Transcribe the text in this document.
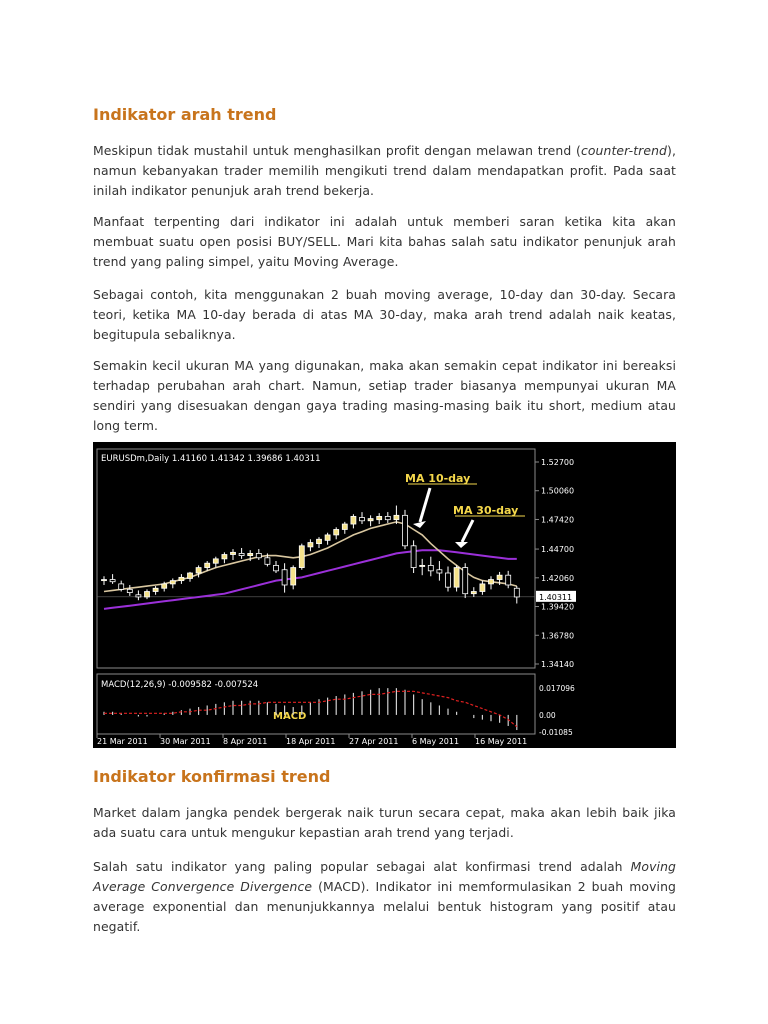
Indikator arah trend

Meskipun tidak mustahil untuk menghasilkan profit dengan melawan trend (counter-trend), namun kebanyakan trader memilih mengikuti trend dalam mendapatkan profit. Pada saat inilah indikator penunjuk arah trend bekerja.

Manfaat terpenting dari indikator ini adalah untuk memberi saran ketika kita akan membuat suatu open posisi BUY/SELL. Mari kita bahas salah satu indikator penunjuk arah trend yang paling simpel, yaitu Moving Average.

Sebagai contoh, kita menggunakan 2 buah moving average, 10-day dan 30-day. Secara teori, ketika MA 10-day berada di atas MA 30-day, maka arah trend adalah naik keatas, begitupula sebaliknya.

Semakin kecil ukuran MA yang digunakan, maka akan semakin cepat indikator ini bereaksi terhadap perubahan arah chart. Namun, setiap trader biasanya mempunyai ukuran MA sendiri yang disesuakan dengan gaya trading masing-masing baik itu short, medium atau long term.

EURUSDm,Daily 1.41160 1.41342 1.39686 1.40311
MACD(12,26,9) -0.009582 -0.007524
1.52700
1.50060
1.47420
1.44700
1.42060
1.39420
1.36780
1.34140
1.40311
21 Mar 2011 30 Mar 2011 8 Apr 2011 18 Apr 2011 27 Apr 2011 6 May 2011 16 May 2011
MA 10-day
MA 30-day
MACD
0.017096
0.00
-0.01085
Indikator konfirmasi trend

Market dalam jangka pendek bergerak naik turun secara cepat, maka akan lebih baik jika ada suatu cara untuk mengukur kepastian arah trend yang terjadi.

Salah satu indikator yang paling popular sebagai alat konfirmasi trend adalah Moving Average Convergence Divergence (MACD). Indikator ini memformulasikan 2 buah moving average exponential dan menunjukkannya melalui bentuk histogram yang positif atau negatif.
